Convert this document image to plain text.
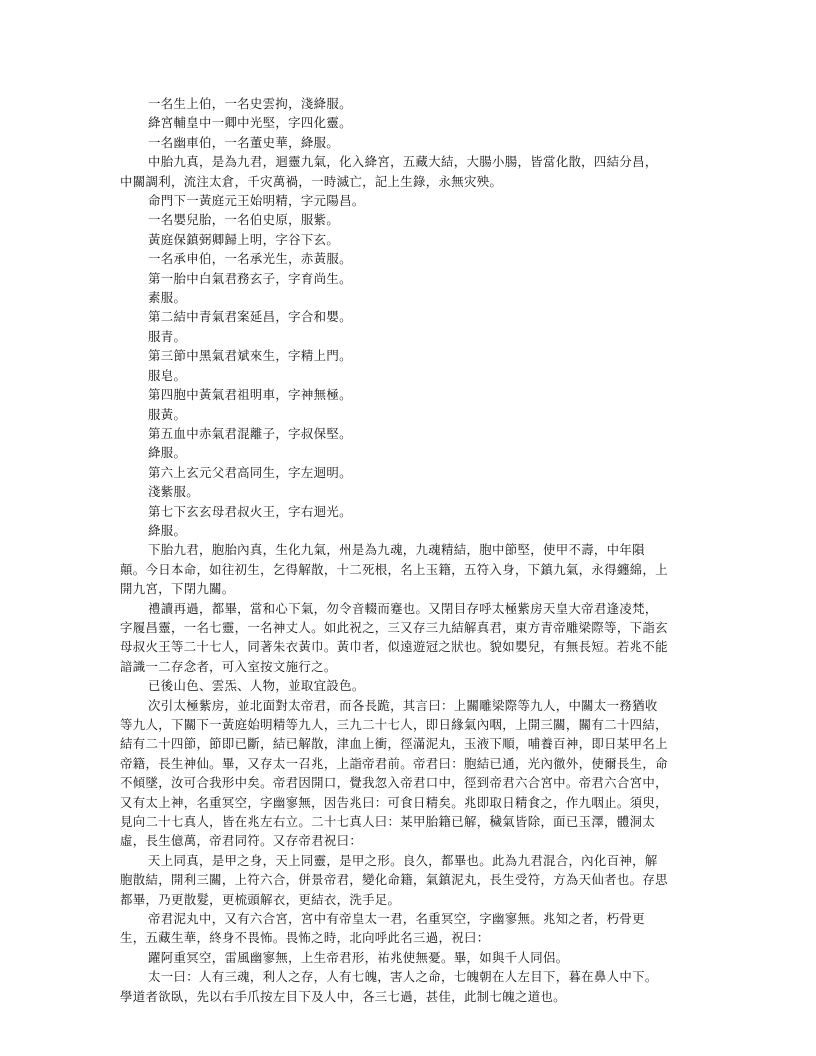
一名生上伯，一名史雲拘，淺絳服。

絳宮輔皇中一卿中光堅，字四化靈。

一名幽車伯，一名董史華，絳服。

中胎九真，是為九君，迴靈九氣，化入絳宮，五藏大結，大腸小腸，皆當化散，四結分昌，中關調利，流注太倉，千灾萬禍，一時滅亡，記上生錄，永無灾殃。

命門下一黃庭元王始明精，字元陽昌。

一名嬰兒胎，一名伯史原，服紫。

黃庭保鎮弼卿歸上明，字谷下玄。

一名承申伯，一名承光生，赤黃服。

第一胎中白氣君務玄子，字育尚生。

素服。

第二結中青氣君案延昌，字合和嬰。

服青。

第三節中黑氣君斌來生，字精上門。

服皂。

第四胞中黃氣君祖明車，字神無極。

服黃。

第五血中赤氣君混離子，字叔保堅。

絳服。

第六上玄元父君高同生，字左迴明。

淺紫服。

第七下玄玄母君叔火王，字右迴光。

絳服。

下胎九君，胞胎內真，生化九氣，州是為九魂，九魂精結，胞中節堅，使甲不壽，中年隕顛。今日本命，如往初生，乞得解散，十二死根，名上玉籍，五符入身，下鎮九氣，永得纏綿，上開九宮，下閉九關。

禮讀再過，都畢，當和心下氣，勿令音輟而蹇也。又閉目存呼太極紫房天皇大帝君逢凌梵，字履昌靈，一名七靈，一名神丈人。如此祝之，三又存三九結解真君，東方青帝雕梁際等，下詣玄母叔火王等二十七人，同著朱衣黃巾。黃巾者，似遠遊冠之狀也。貌如嬰兒，有無長短。若兆不能諳識一二存念者，可入室按文施行之。

已後山色、雲炁、人物，並取宜設色。

次引太極紫房，並北面對太帝君，而各長跪，其言曰：上關雕梁際等九人，中關太一務猶收等九人，下關下一黃庭始明精等九人，三九二十七人，即日緣氣內咽，上開三關，關有二十四結，結有二十四節，節即已斷，結已解散，津血上衝，徑滿泥丸，玉液下順，哺養百神，即日某甲名上帝籍，長生神仙。畢，又存太一召兆，上詣帝君前。帝君曰：胞結已通，光內徹外，使爾長生，命不傾墜，汝可合我形中矣。帝君因開口，覺我忽入帝君口中，徑到帝君六合宮中。帝君六合宮中，又有太上神，名重冥空，字幽寥無，因告兆曰：可食日精矣。兆即取日精食之，作九咽止。須臾，見向二十七真人，皆在兆左右立。二十七真人曰：某甲胎籍已解，穢氣皆除，面已玉澤，體洞太虛，長生億萬，帝君同符。又存帝君祝曰：

天上同真，是甲之身，天上同靈，是甲之形。良久，都畢也。此為九君混合，內化百神，解胞散結，開利三關，上符六合，併景帝君，變化命籍，氣鎮泥丸，長生受符，方為天仙者也。存思都畢，乃更散髮，更梳頭解衣，更結衣，洗手足。

帝君泥丸中，又有六合宮，宮中有帝皇太一君，名重冥空，字幽寥無。兆知之者，朽骨更生，五藏生華，終身不畏怖。畏怖之時，北向呼此名三過，祝曰：

躍阿重冥空，雷風幽寥無，上生帝君形，祐兆使無憂。畢，如與千人同侶。

太一曰：人有三魂，利人之存，人有七魄，害人之命，七魄朝在人左目下，暮在鼻人中下。學道者欲臥，先以右手爪按左目下及人中，各三七過，甚佳，此制七魄之道也。
